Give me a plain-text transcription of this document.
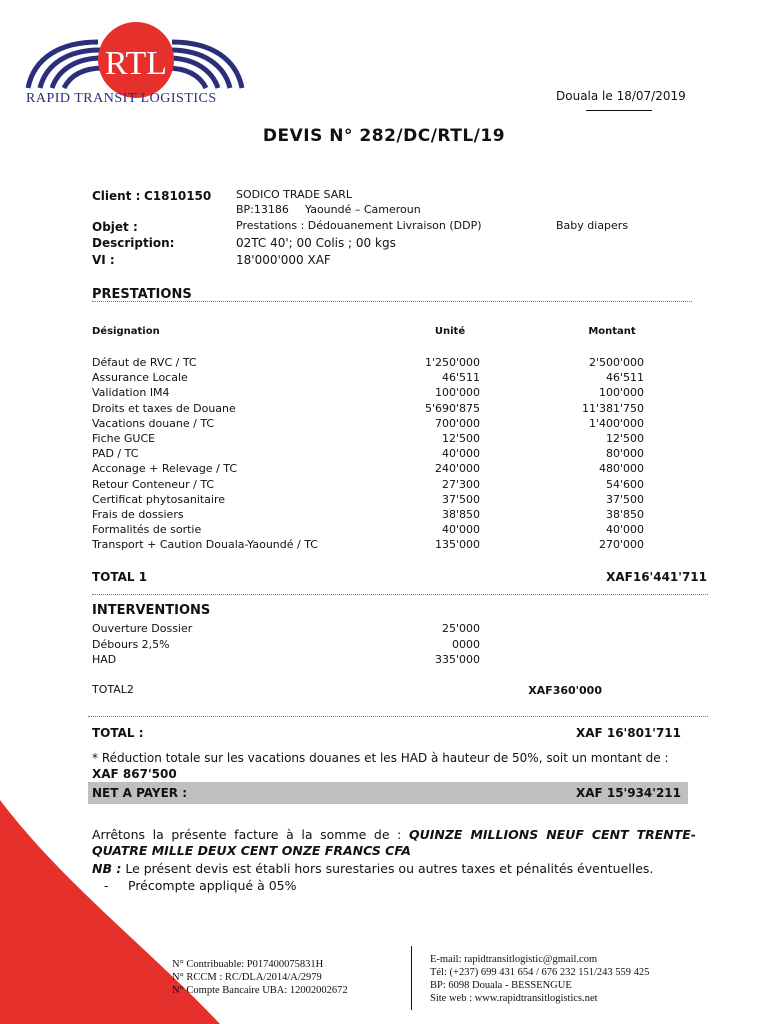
RTL
RAPID TRANSIT LOGISTICS	Douala le 18/07/2019
DEVIS N° 282/DC/RTL/19
Client : C1810150 SODICO TRADE SARL
BP:13186 Yaoundé – Cameroun
Objet :	Prestations : Dédouanement Livraison (DDP)	Baby diapers
Description:	02TC 40'; 00 Colis ; 00 kgs
VI :	18'000'000 XAF
PRESTATIONS
Désignation	Unité	Montant
Défaut de RVC / TC	1'250'000	2'500'000
Assurance Locale	46'511	46'511
Validation IM4	100'000	100'000
Droits et taxes de Douane	5'690'875	11'381'750
Vacations douane / TC	700'000	1'400'000
Fiche GUCE	12'500	12'500
PAD / TC	40'000	80'000
Acconage + Relevage / TC	240'000	480'000
Retour Conteneur / TC	27'300	54'600
Certificat phytosanitaire	37'500	37'500
Frais de dossiers	38'850	38'850
Formalités de sortie	40'000	40'000
Transport + Caution Douala-Yaoundé / TC	135'000	270'000
TOTAL 1	XAF16'441'711
INTERVENTIONS
Ouverture Dossier	25'000
Débours 2,5%	0000
HAD	335'000
TOTAL2	XAF360'000
TOTAL :	XAF 16'801'711
* Réduction totale sur les vacations douanes et les HAD à hauteur de 50%, soit un montant de : XAF 867'500
NET A PAYER :	XAF 15'934'211
Arrêtons la présente facture à la somme de : QUINZE MILLIONS NEUF CENT TRENTE-QUATRE MILLE DEUX CENT ONZE FRANCS CFA
NB : Le présent devis est établi hors surestaries ou autres taxes et pénalités éventuelles.
- Précompte appliqué à 05%
N° Contribuable: P017400075831H
N° RCCM : RC/DLA/2014/A/2979
N° Compte Bancaire UBA: 12002002672
E-mail: rapidtransitlogistic@gmail.com
Tél: (+237) 699 431 654 / 676 232 151/243 559 425
BP: 6098 Douala - BESSENGUE
Site web : www.rapidtransitlogistics.net
